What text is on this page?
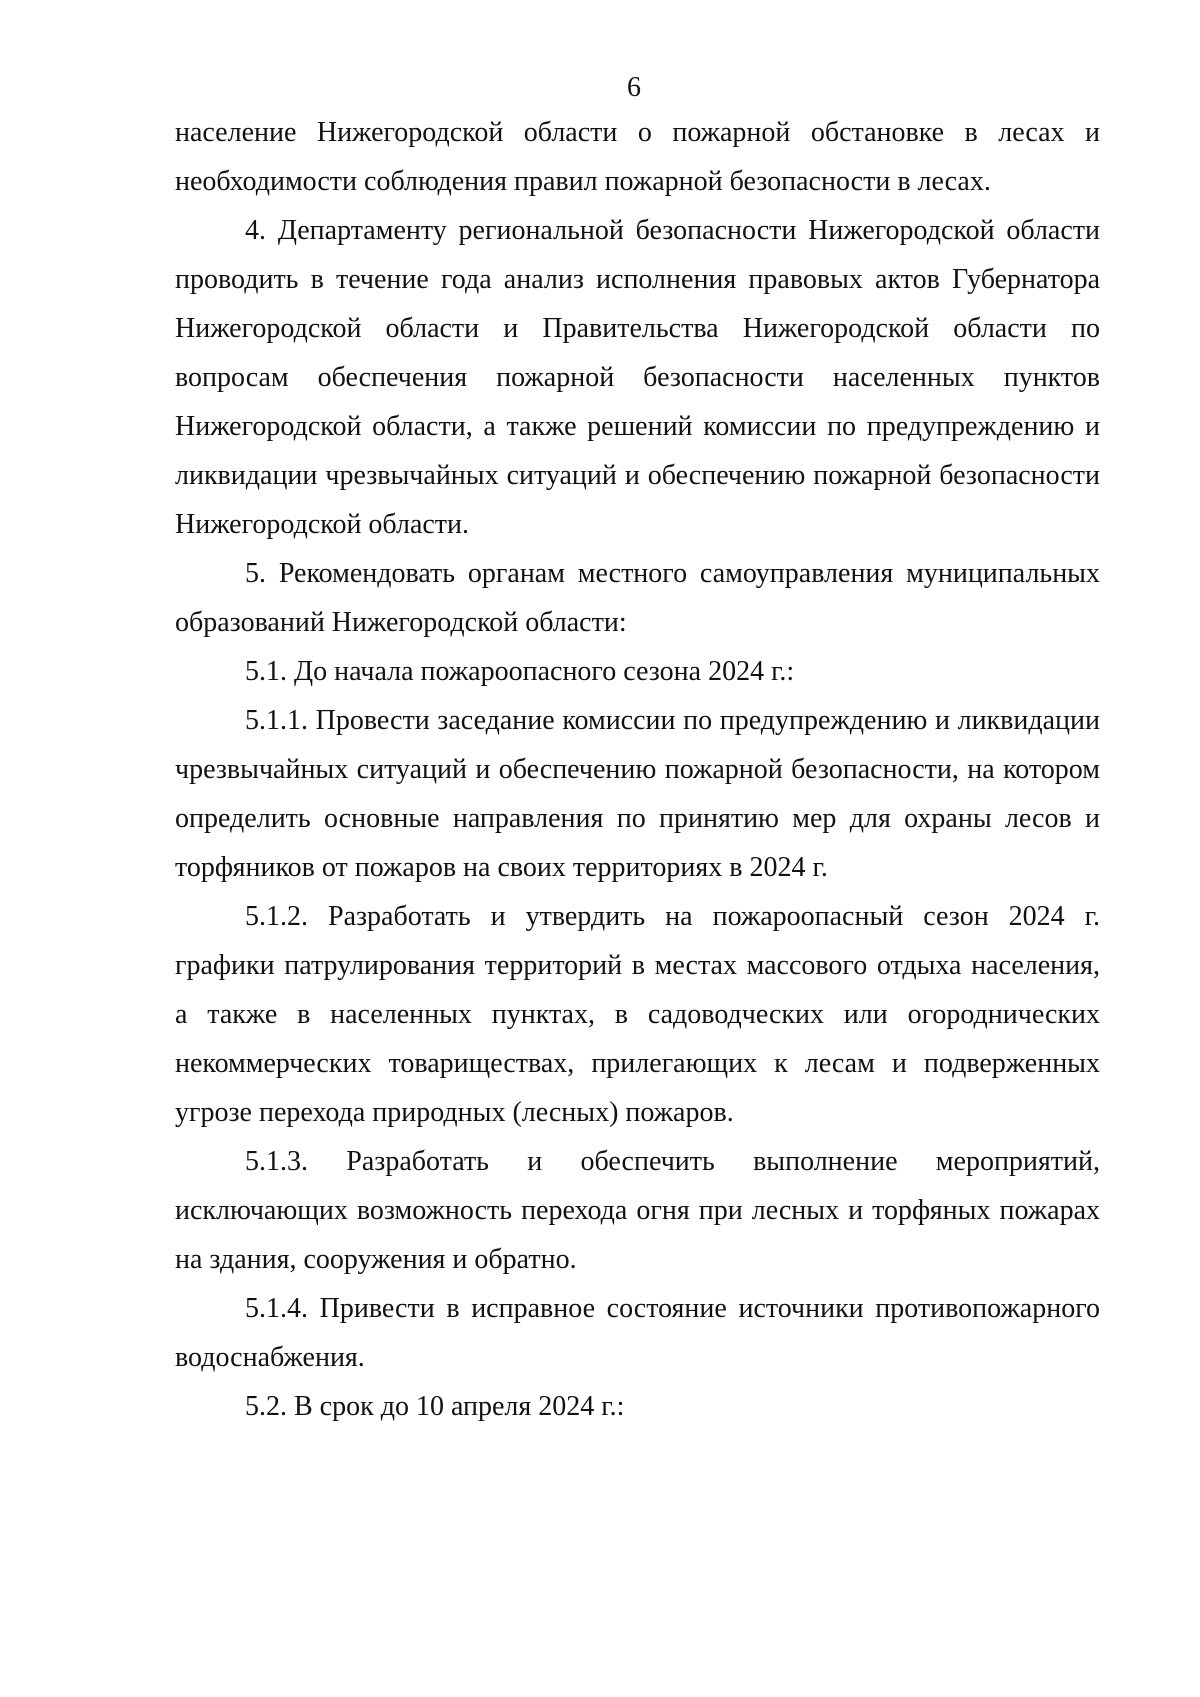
6

население Нижегородской области о пожарной обстановке в лесах и необходимости соблюдения правил пожарной безопасности в лесах.

4. Департаменту региональной безопасности Нижегородской области проводить в течение года анализ исполнения правовых актов Губернатора Нижегородской области и Правительства Нижегородской области по вопросам обеспечения пожарной безопасности населенных пунктов Нижегородской области, а также решений комиссии по предупреждению и ликвидации чрезвычайных ситуаций и обеспечению пожарной безопасности Нижегородской области.

5. Рекомендовать органам местного самоуправления муниципальных образований Нижегородской области:

5.1. До начала пожароопасного сезона 2024 г.:

5.1.1. Провести заседание комиссии по предупреждению и ликвидации чрезвычайных ситуаций и обеспечению пожарной безопасности, на котором определить основные направления по принятию мер для охраны лесов и торфяников от пожаров на своих территориях в 2024 г.

5.1.2. Разработать и утвердить на пожароопасный сезон 2024 г. графики патрулирования территорий в местах массового отдыха населения, а также в населенных пунктах, в садоводческих или огороднических некоммерческих товариществах, прилегающих к лесам и подверженных угрозе перехода природных (лесных) пожаров.

5.1.3. Разработать и обеспечить выполнение мероприятий, исключающих возможность перехода огня при лесных и торфяных пожарах на здания, сооружения и обратно.

5.1.4. Привести в исправное состояние источники противопожарного водоснабжения.

5.2. В срок до 10 апреля 2024 г.:
